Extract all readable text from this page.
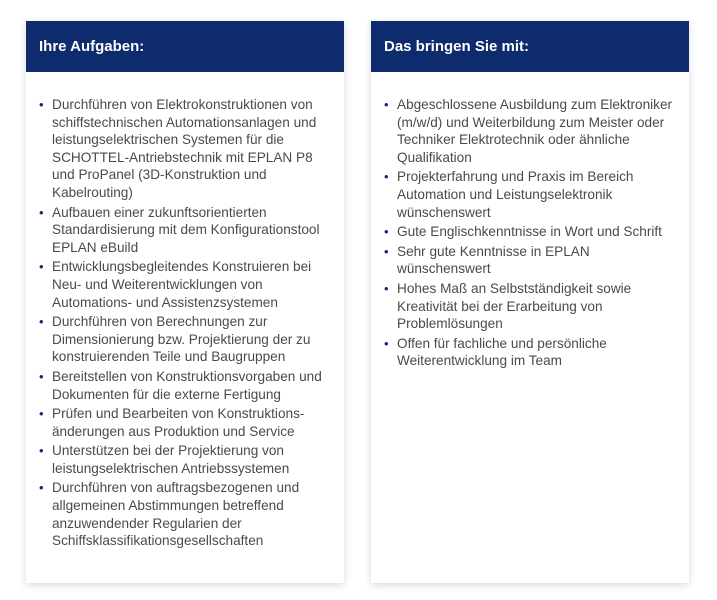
Ihre Aufgaben:
• Durchführen von Elektrokonstruktionen von schiffstechnischen Automationsanlagen und leistungselektrischen Systemen für die SCHOTTEL-Antriebstechnik mit EPLAN P8 und ProPanel (3D-Konstruktion und Kabelrouting)
• Aufbauen einer zukunftsorientierten Standardisierung mit dem Konfigurationstool EPLAN eBuild
• Entwicklungsbegleitendes Konstruieren bei Neu- und Weiterentwicklungen von Automations- und Assistenzsystemen
• Durchführen von Berechnungen zur Dimensionierung bzw. Projektierung der zu konstruierenden Teile und Baugruppen
• Bereitstellen von Konstruktionsvorgaben und Dokumenten für die externe Fertigung
• Prüfen und Bearbeiten von Konstruktionsänderungen aus Produktion und Service
• Unterstützen bei der Projektierung von leistungselektrischen Antriebssystemen
• Durchführen von auftragsbezogenen und allgemeinen Abstimmungen betreffend anzuwendender Regularien der Schiffsklassifikationsgesellschaften
Das bringen Sie mit:
• Abgeschlossene Ausbildung zum Elektroniker (m/w/d) und Weiterbildung zum Meister oder Techniker Elektrotechnik oder ähnliche Qualifikation
• Projekterfahrung und Praxis im Bereich Automation und Leistungselektronik wünschenswert
• Gute Englischkenntnisse in Wort und Schrift
• Sehr gute Kenntnisse in EPLAN wünschenswert
• Hohes Maß an Selbstständigkeit sowie Kreativität bei der Erarbeitung von Problemlösungen
• Offen für fachliche und persönliche Weiterentwicklung im Team
